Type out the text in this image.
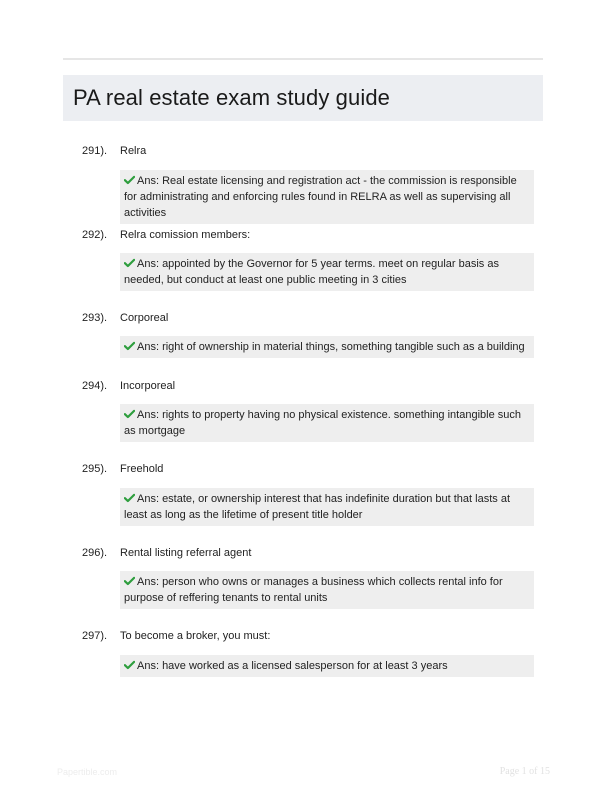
PA real estate exam study guide
291). Relra
Ans: Real estate licensing and registration act - the commission is responsible for administrating and enforcing rules found in RELRA as well as supervising all activities
292). Relra comission members:
Ans: appointed by the Governor for 5 year terms. meet on regular basis as needed, but conduct at least one public meeting in 3 cities
293). Corporeal
Ans: right of ownership in material things, something tangible such as a building
294). Incorporeal
Ans: rights to property having no physical existence. something intangible such as mortgage
295). Freehold
Ans: estate, or ownership interest that has indefinite duration but that lasts at least as long as the lifetime of present title holder
296). Rental listing referral agent
Ans: person who owns or manages a business which collects rental info for purpose of reffering tenants to rental units
297). To become a broker, you must:
Ans: have worked as a licensed salesperson for at least 3 years
Papertible.com	Page 1 of 15
